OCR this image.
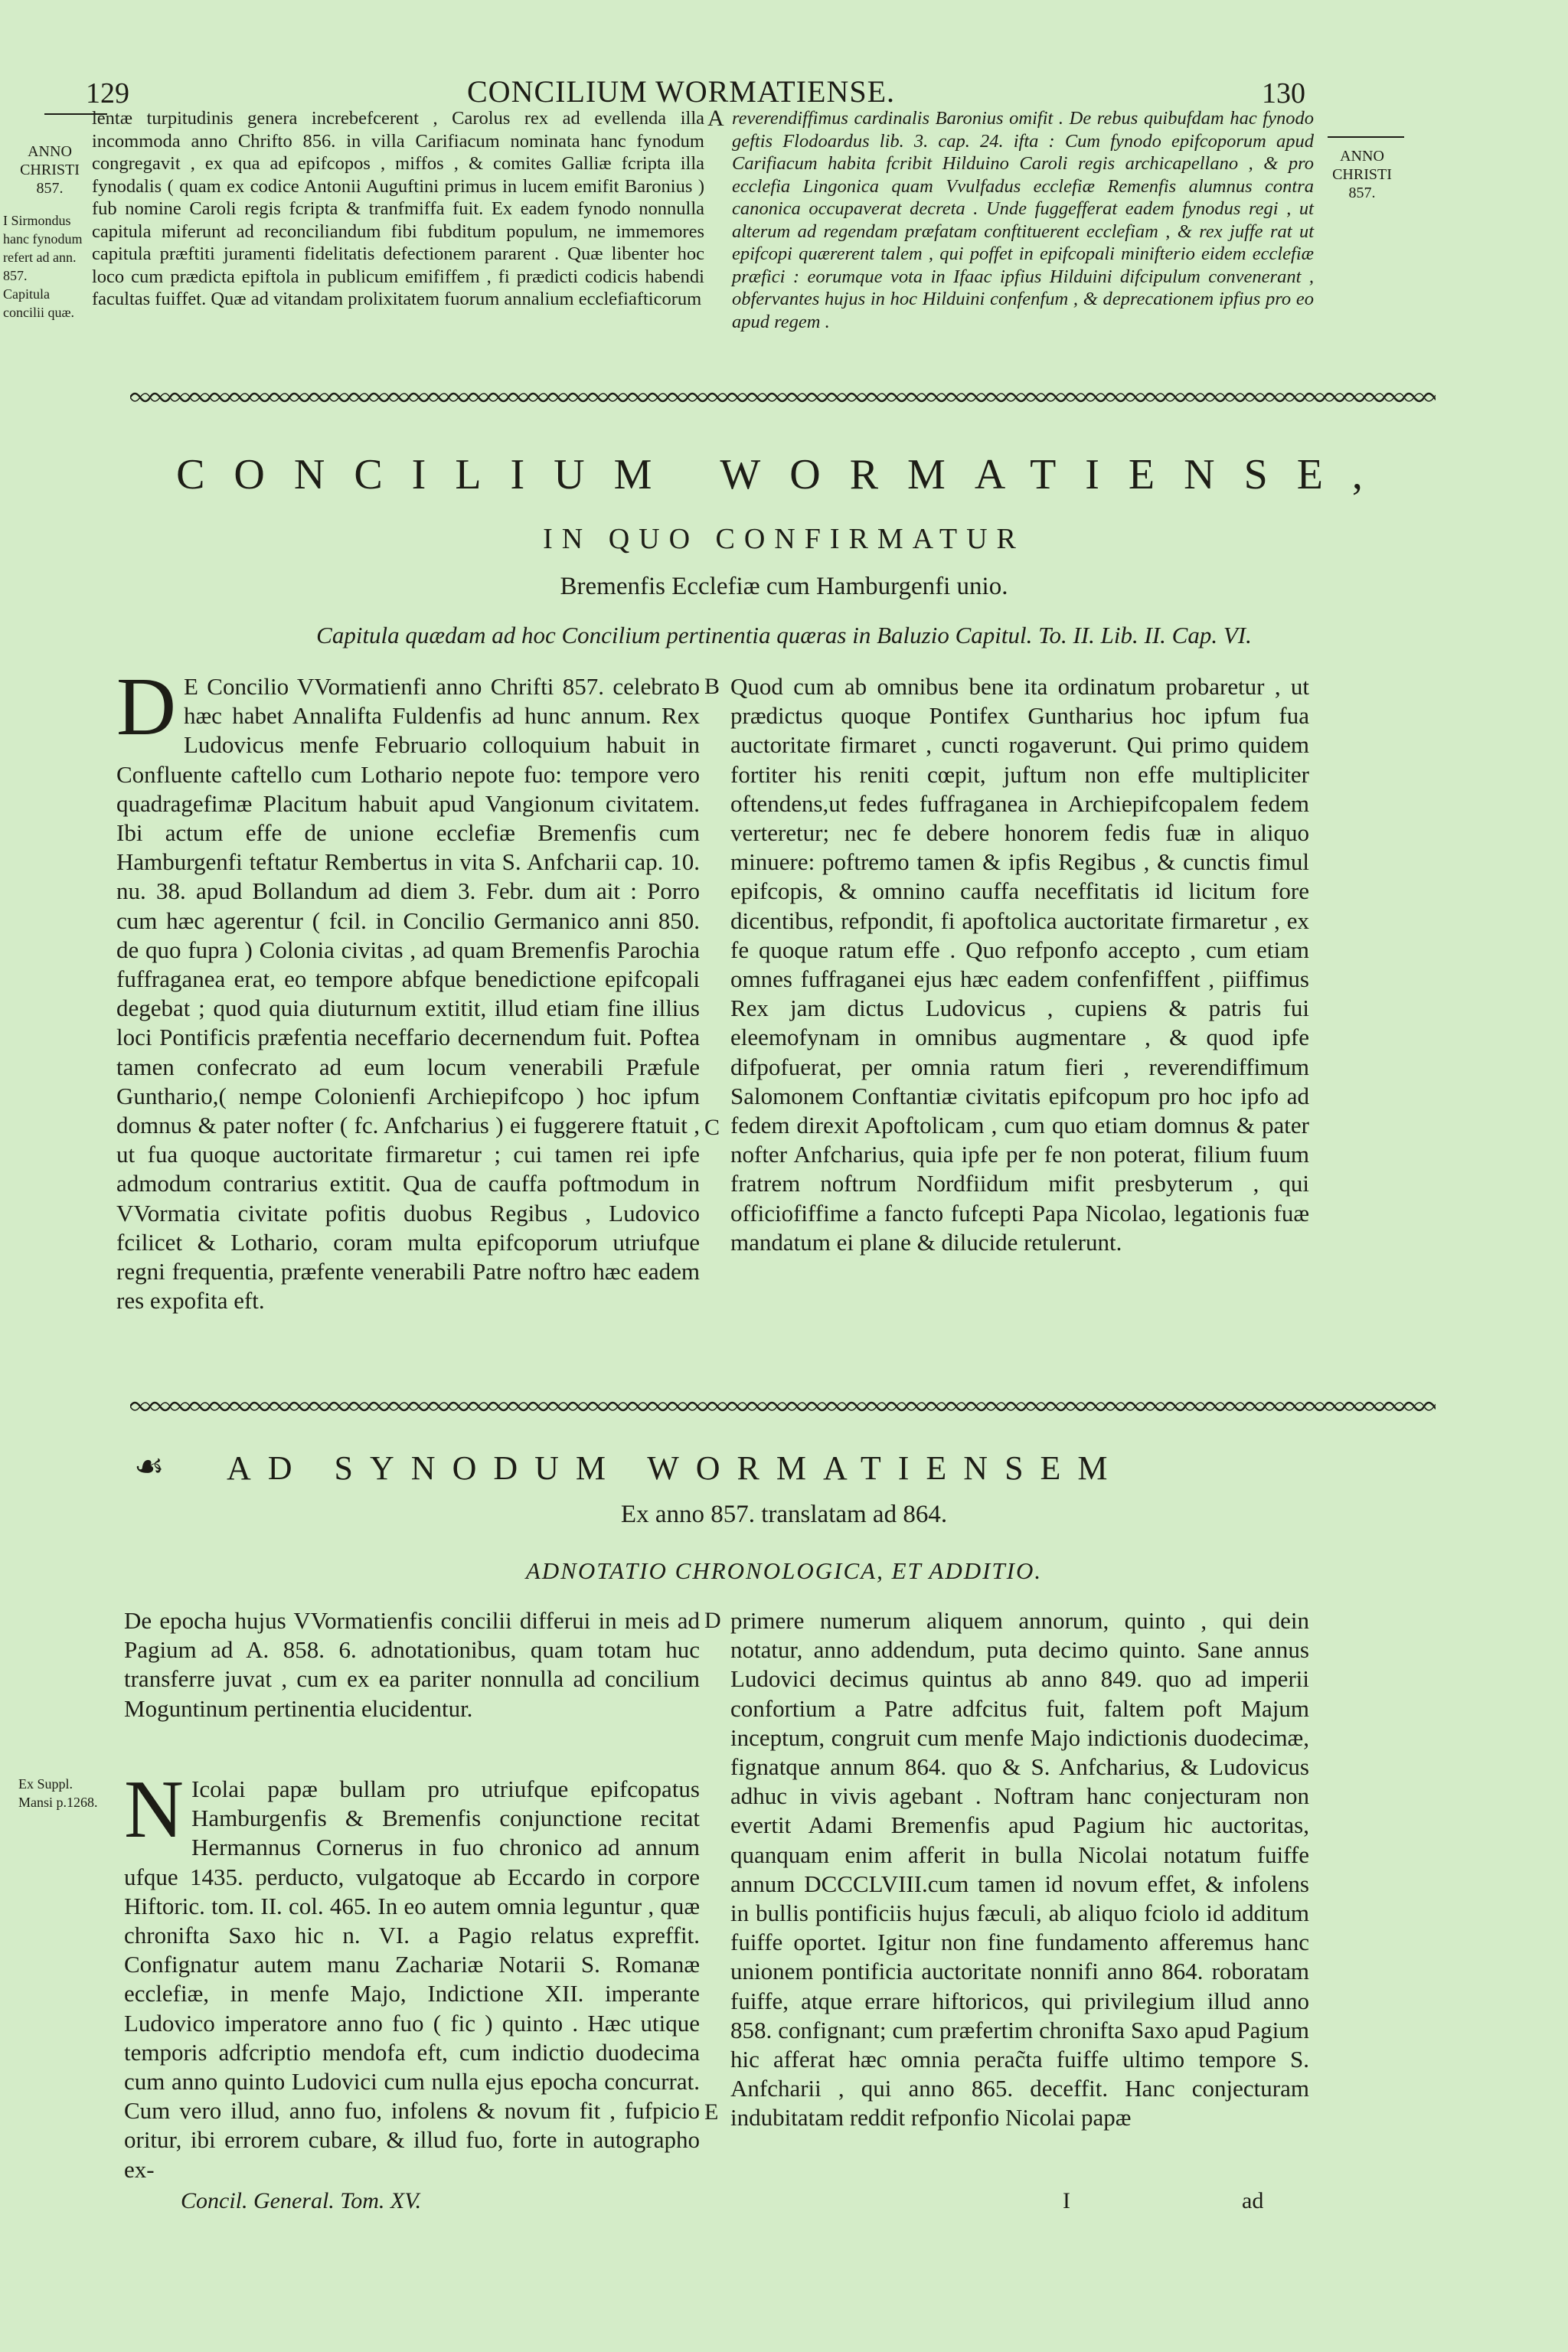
129	CONCILIUM WORMATIENSE.	130
ANNO
CHRISTI
857.
ANNO
CHRISTI
857.
I Sirmondus
hanc fynodum
refert ad ann.
857.
Capitula
concilii quæ.
lentæ turpitudinis genera increbefcerent , Carolus rex ad evellenda illa incommoda anno Chrifto 856. in villa Carifiacum nominata hanc fynodum congregavit , ex qua ad epifcopos , miffos , & comites Galliæ fcripta illa fynodalis ( quam ex codice Antonii Auguftini primus in lucem emifit Baronius ) fub nomine Caroli regis fcripta & tranfmiffa fuit. Ex eadem fynodo nonnulla capitula miferunt ad reconciliandum fibi fubditum populum, ne immemores capitula præftiti juramenti fidelitatis defectionem pararent . Quæ libenter hoc loco cum prædicta epiftola in publicum emififfem , fi prædicti codicis habendi facultas fuiffet. Quæ ad vitandam prolixitatem fuorum annalium ecclefiafticorum
A reverendiffimus cardinalis Baronius omifit . De rebus quibufdam hac fynodo geftis Flodoardus lib. 3. cap. 24. ifta : Cum fynodo epifcoporum apud Carifiacum habita fcribit Hilduino Caroli regis archicapellano , & pro ecclefia Lingonica quam Vvulfadus ecclefiæ Remenfis alumnus contra canonica occupaverat decreta . Unde fuggefferat eadem fynodus regi , ut alterum ad regendam præfatam conftituerent ecclefiam , & rex juffe rat ut epifcopi quærerent talem , qui poffet in epifcopali minifterio eidem ecclefiæ præfici : eorumque vota in Ifaac ipfius Hilduini difcipulum convenerant , obfervantes hujus in hoc Hilduini confenfum , & deprecationem ipfius pro eo apud regem .
CONCILIUM WORMATIENSE,
IN QUO CONFIRMATUR
Bremenfis Ecclefiæ cum Hamburgenfi unio.
Capitula quædam ad hoc Concilium pertinentia quæras in Baluzio Capitul. To. II. Lib. II. Cap. VI.
D E Concilio VVormatienfi anno Chrifti 857. celebrato hæc habet Annalifta Fuldenfis ad hunc annum. Rex Ludovicus menfe Februario colloquium habuit in Confluente caftello cum Lothario nepote fuo: tempore vero quadragefimæ Placitum habuit apud Vangionum civitatem. Ibi actum effe de unione ecclefiæ Bremenfis cum Hamburgenfi teftatur Rembertus in vita S. Anfcharii cap. 10. nu. 38. apud Bollandum ad diem 3. Febr. dum ait : Porro cum hæc agerentur ( fcil. in Concilio Germanico anni 850. de quo fupra ) Colonia civitas , ad quam Bremenfis Parochia fuffraganea erat, eo tempore abfque benedictione epifcopali degebat ; quod quia diuturnum extitit, illud etiam fine illius loci Pontificis præfentia neceffario decernendum fuit. Poftea tamen confecrato ad eum locum venerabili Præfule Gunthario,( nempe Colonienfi Archiepifcopo ) hoc ipfum domnus & pater nofter ( fc. Anfcharius ) ei fuggerere ftatuit , ut fua quoque auctoritate firmaretur ; cui tamen rei ipfe admodum contrarius extitit. Qua de cauffa poftmodum in VVormatia civitate pofitis duobus Regibus , Ludovico fcilicet & Lothario, coram multa epifcoporum utriufque regni frequentia, præfente venerabili Patre noftro hæc eadem res expofita eft.
B
C
Quod cum ab omnibus bene ita ordinatum probaretur , ut prædictus quoque Pontifex Guntharius hoc ipfum fua auctoritate firmaret , cuncti rogaverunt. Qui primo quidem fortiter his reniti cœpit, juftum non effe multipliciter oftendens,ut fedes fuffraganea in Archiepifcopalem fedem verteretur; nec fe debere honorem fedis fuæ in aliquo minuere: poftremo tamen & ipfis Regibus , & cunctis fimul epifcopis, & omnino cauffa neceffitatis id licitum fore dicentibus, refpondit, fi apoftolica auctoritate firmaretur , ex fe quoque ratum effe . Quo refponfo accepto , cum etiam omnes fuffraganei ejus hæc eadem confenfiffent , piiffimus Rex jam dictus Ludovicus , cupiens & patris fui eleemofynam in omnibus augmentare , & quod ipfe difpofuerat, per omnia ratum fieri , reverendiffimum Salomonem Conftantiæ civitatis epifcopum pro hoc ipfo ad fedem direxit Apoftolicam , cum quo etiam domnus & pater nofter Anfcharius, quia ipfe per fe non poterat, filium fuum fratrem noftrum Nordfiidum mifit presbyterum , qui officiofiffime a fancto fufcepti Papa Nicolao, legationis fuæ mandatum ei plane & dilucide retulerunt.
☙ AD SYNODUM WORMATIENSEM
Ex anno 857. translatam ad 864.
ADNOTATIO CHRONOLOGICA, ET ADDITIO.
De epocha hujus VVormatienfis concilii differui in meis ad Pagium ad A. 858. 6. adnotationibus, quam totam huc transferre juvat , cum ex ea pariter nonnulla ad concilium Moguntinum pertinentia elucidentur.
Ex Suppl.
Mansi p.1268. N Icolai papæ bullam pro utriufque epifcopatus Hamburgenfis & Bremenfis conjunctione recitat Hermannus Cornerus in fuo chronico ad annum ufque 1435. perducto, vulgatoque ab Eccardo in corpore Hiftoric. tom. II. col. 465. In eo autem omnia leguntur , quæ chronifta Saxo hic n. VI. a Pagio relatus expreffit. Confignatur autem manu Zachariæ Notarii S. Romanæ ecclefiæ, in menfe Majo, Indictione XII. imperante Ludovico imperatore anno fuo ( fic ) quinto . Hæc utique temporis adfcriptio mendofa eft, cum indictio duodecima cum anno quinto Ludovici cum nulla ejus epocha concurrat. Cum vero illud, anno fuo, infolens & novum fit , fufpicio oritur, ibi errorem cubare, & illud fuo, forte in autographo ex-
D
E
primere numerum aliquem annorum, quinto , qui dein notatur, anno addendum, puta decimo quinto. Sane annus Ludovici decimus quintus ab anno 849. quo ad imperii confortium a Patre adfcitus fuit, faltem poft Majum inceptum, congruit cum menfe Majo indictionis duodecimæ, fignatque annum 864. quo & S. Anfcharius, & Ludovicus adhuc in vivis agebant . Noftram hanc conjecturam non evertit Adami Bremenfis apud Pagium hic auctoritas, quanquam enim afferit in bulla Nicolai notatum fuiffe annum DCCCLVIII.cum tamen id novum effet, & infolens in bullis pontificiis hujus fæculi, ab aliquo fciolo id additum fuiffe oportet. Igitur non fine fundamento afferemus hanc unionem pontificia auctoritate nonnifi anno 864. roboratam fuiffe, atque errare hiftoricos, qui privilegium illud anno 858. confignant; cum præfertim chronifta Saxo apud Pagium hic afferat hæc omnia perac̃ta fuiffe ultimo tempore S. Anfcharii , qui anno 865. deceffit. Hanc conjecturam indubitatam reddit refponfio Nicolai papæ
Concil. General. Tom. XV.	I	ad
